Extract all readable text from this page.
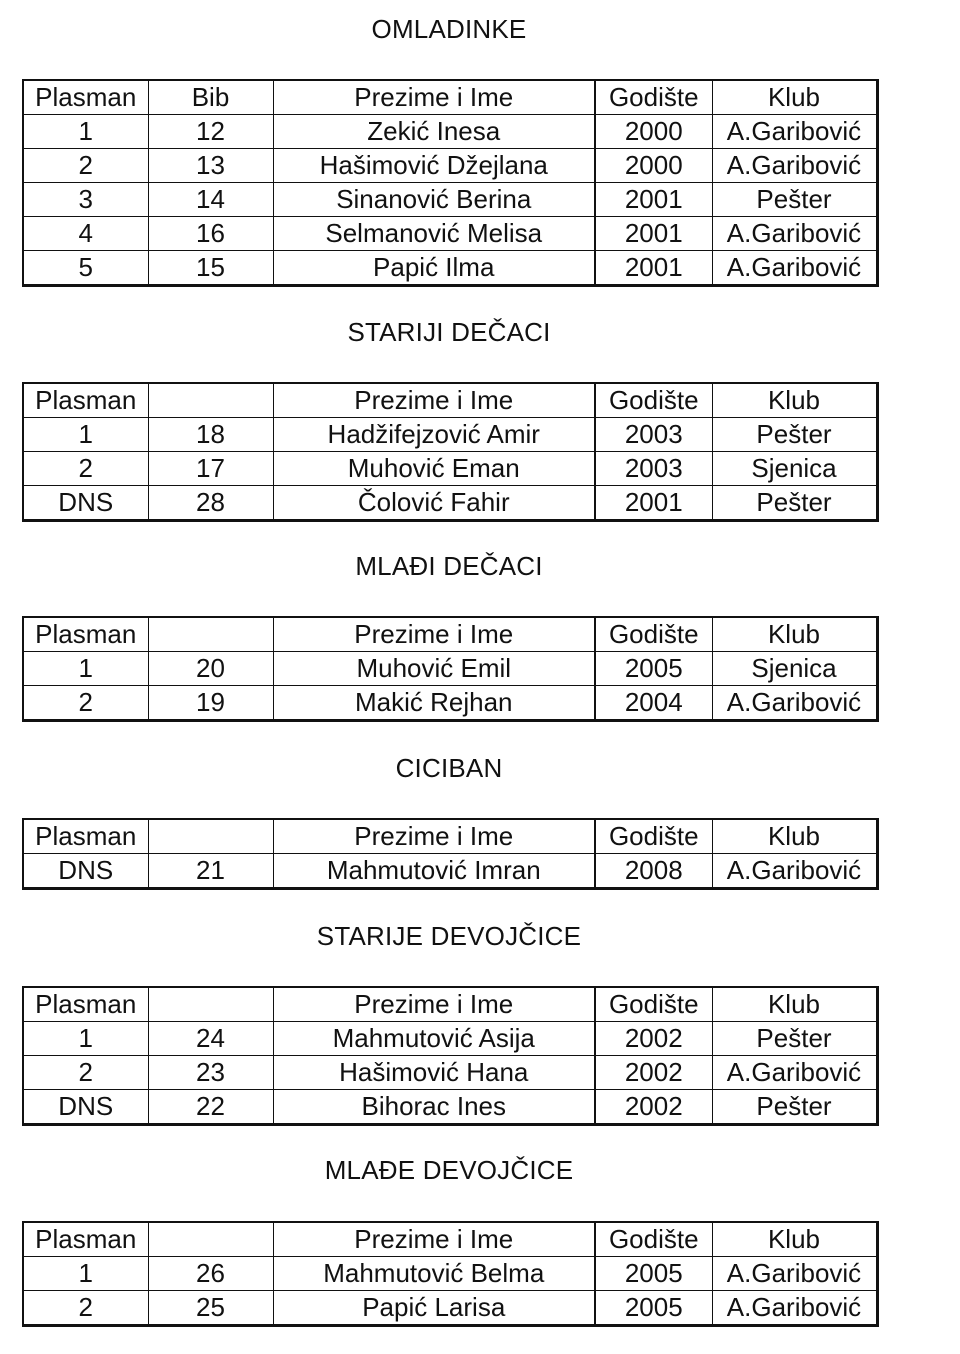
OMLADINKE
Plasman	Bib	Prezime i Ime	Godište	Klub
1	12	Zekić Inesa	2000	A.Garibović
2	13	Hašimović Džejlana	2000	A.Garibović
3	14	Sinanović Berina	2001	Pešter
4	16	Selmanović Melisa	2001	A.Garibović
5	15	Papić Ilma	2001	A.Garibović
STARIJI DEČACI
Plasman		Prezime i Ime	Godište	Klub
1	18	Hadžifejzović Amir	2003	Pešter
2	17	Muhović Eman	2003	Sjenica
DNS	28	Čolović Fahir	2001	Pešter
MLAĐI DEČACI
Plasman		Prezime i Ime	Godište	Klub
1	20	Muhović Emil	2005	Sjenica
2	19	Makić Rejhan	2004	A.Garibović
CICIBAN
Plasman		Prezime i Ime	Godište	Klub
DNS	21	Mahmutović Imran	2008	A.Garibović
STARIJE DEVOJČICE
Plasman		Prezime i Ime	Godište	Klub
1	24	Mahmutović Asija	2002	Pešter
2	23	Hašimović Hana	2002	A.Garibović
DNS	22	Bihorac Ines	2002	Pešter
MLAĐE DEVOJČICE
Plasman		Prezime i Ime	Godište	Klub
1	26	Mahmutović Belma	2005	A.Garibović
2	25	Papić Larisa	2005	A.Garibović
